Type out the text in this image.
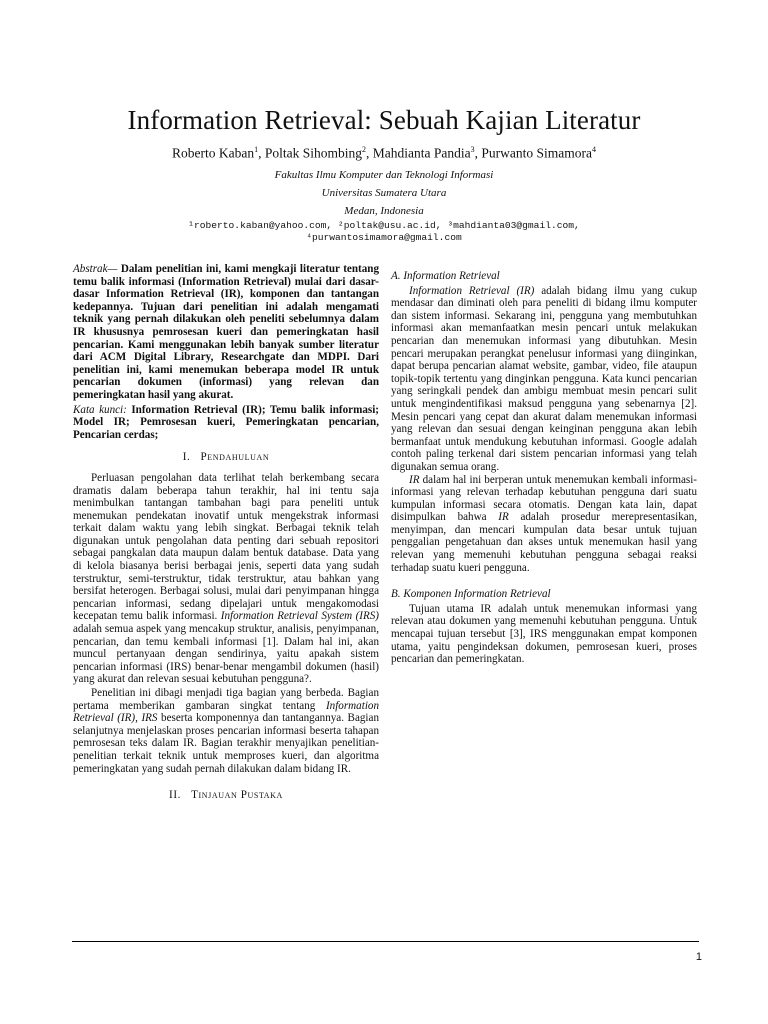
Information Retrieval: Sebuah Kajian Literatur
Roberto Kaban$^1$, Poltak Sihombing$^2$, Mahdianta Pandia$^3$, Purwanto Simamora$^4$
Fakultas Ilmu Komputer dan Teknologi Informasi
Universitas Sumatera Utara
Medan, Indonesia
¹roberto.kaban@yahoo.com, ²poltak@usu.ac.id, ³mahdianta03@gmail.com,
⁴purwantosimamora@gmail.com

Abstrak— Dalam penelitian ini, kami mengkaji literatur tentang temu balik informasi (Information Retrieval) mulai dari dasar-dasar Information Retrieval (IR), komponen dan tantangan kedepannya. Tujuan dari penelitian ini adalah mengamati teknik yang pernah dilakukan oleh peneliti sebelumnya dalam IR khususnya pemrosesan kueri dan pemeringkatan hasil pencarian. Kami menggunakan lebih banyak sumber literatur dari ACM Digital Library, Researchgate dan MDPI. Dari penelitian ini, kami menemukan beberapa model IR untuk pencarian dokumen (informasi) yang relevan dan pemeringkatan hasil yang akurat.

Kata kunci: Information Retrieval (IR); Temu balik informasi; Model IR; Pemrosesan kueri, Pemeringkatan pencarian, Pencarian cerdas;

I. Pendahuluan

Perluasan pengolahan data terlihat telah berkembang secara dramatis dalam beberapa tahun terakhir, hal ini tentu saja menimbulkan tantangan tambahan bagi para peneliti untuk menemukan pendekatan inovatif untuk mengekstrak informasi terkait dalam waktu yang lebih singkat. Berbagai teknik telah digunakan untuk pengolahan data penting dari sebuah repositori sebagai pangkalan data maupun dalam bentuk database. Data yang di kelola biasanya berisi berbagai jenis, seperti data yang sudah terstruktur, semi-terstruktur, tidak terstruktur, atau bahkan yang bersifat heterogen. Berbagai solusi, mulai dari penyimpanan hingga pencarian informasi, sedang dipelajari untuk mengakomodasi kecepatan temu balik informasi. Information Retrieval System (IRS) adalah semua aspek yang mencakup struktur, analisis, penyimpanan, pencarian, dan temu kembali informasi [1]. Dalam hal ini, akan muncul pertanyaan dengan sendirinya, yaitu apakah sistem pencarian informasi (IRS) benar-benar mengambil dokumen (hasil) yang akurat dan relevan sesuai kebutuhan pengguna?.

Penelitian ini dibagi menjadi tiga bagian yang berbeda. Bagian pertama memberikan gambaran singkat tentang Information Retrieval (IR), IRS beserta komponennya dan tantangannya. Bagian selanjutnya menjelaskan proses pencarian informasi beserta tahapan pemrosesan teks dalam IR. Bagian terakhir menyajikan penelitian-penelitian terkait teknik untuk memproses kueri, dan algoritma pemeringkatan yang sudah pernah dilakukan dalam bidang IR.

II. Tinjauan Pustaka
A. Information Retrieval

Information Retrieval (IR) adalah bidang ilmu yang cukup mendasar dan diminati oleh para peneliti di bidang ilmu komputer dan sistem informasi. Sekarang ini, pengguna yang membutuhkan informasi akan memanfaatkan mesin pencari untuk melakukan pencarian dan menemukan informasi yang dibutuhkan. Mesin pencari merupakan perangkat penelusur informasi yang diinginkan, dapat berupa pencarian alamat website, gambar, video, file ataupun topik-topik tertentu yang dinginkan pengguna. Kata kunci pencarian yang seringkali pendek dan ambigu membuat mesin pencari sulit untuk mengindentifikasi maksud pengguna yang sebenarnya [2]. Mesin pencari yang cepat dan akurat dalam menemukan informasi yang relevan dan sesuai dengan keinginan pengguna akan lebih bermanfaat untuk mendukung kebutuhan informasi. Google adalah contoh paling terkenal dari sistem pencarian informasi yang telah digunakan semua orang.

IR dalam hal ini berperan untuk menemukan kembali informasi-informasi yang relevan terhadap kebutuhan pengguna dari suatu kumpulan informasi secara otomatis. Dengan kata lain, dapat disimpulkan bahwa IR adalah prosedur merepresentasikan, menyimpan, dan mencari kumpulan data besar untuk tujuan penggalian pengetahuan dan akses untuk menemukan hasil yang relevan yang memenuhi kebutuhan pengguna sebagai reaksi terhadap suatu kueri pengguna.

B. Komponen Information Retrieval

Tujuan utama IR adalah untuk menemukan informasi yang relevan atau dokumen yang memenuhi kebutuhan pengguna. Untuk mencapai tujuan tersebut [3], IRS menggunakan empat komponen utama, yaitu pengindeksan dokumen, pemrosesan kueri, proses pencarian dan pemeringkatan.

1
